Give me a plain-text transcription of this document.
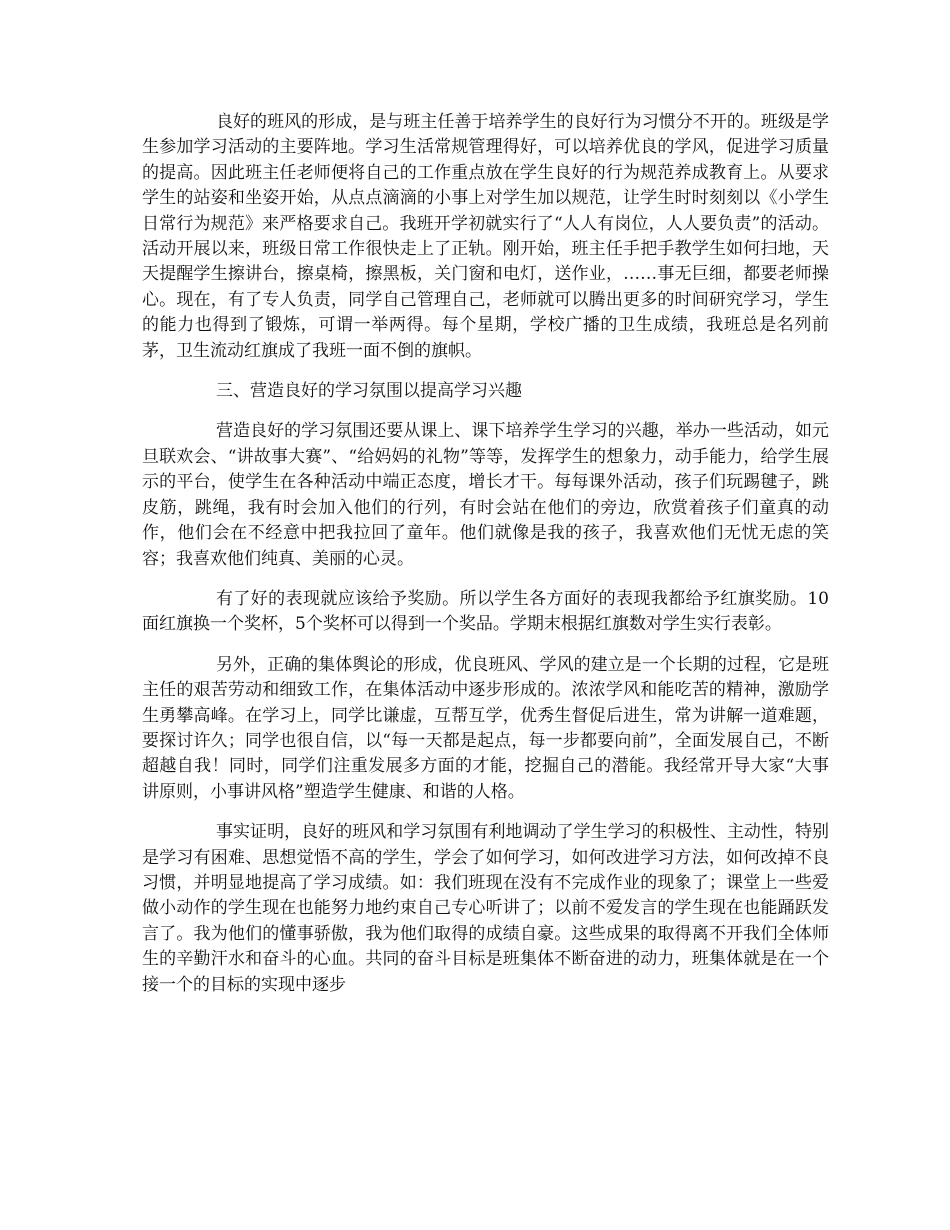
良好的班风的形成，是与班主任善于培养学生的良好行为习惯分不开的。班级是学生参加学习活动的主要阵地。学习生活常规管理得好，可以培养优良的学风，促进学习质量的提高。因此班主任老师便将自己的工作重点放在学生良好的行为规范养成教育上。从要求学生的站姿和坐姿开始，从点点滴滴的小事上对学生加以规范，让学生时时刻刻以《小学生日常行为规范》来严格要求自己。我班开学初就实行了“人人有岗位，人人要负责”的活动。活动开展以来，班级日常工作很快走上了正轨。刚开始，班主任手把手教学生如何扫地，天天提醒学生擦讲台，擦桌椅，擦黑板，关门窗和电灯，送作业，……事无巨细，都要老师操心。现在，有了专人负责，同学自己管理自己，老师就可以腾出更多的时间研究学习，学生的能力也得到了锻炼，可谓一举两得。每个星期，学校广播的卫生成绩，我班总是名列前茅，卫生流动红旗成了我班一面不倒的旗帜。

三、营造良好的学习氛围以提高学习兴趣

营造良好的学习氛围还要从课上、课下培养学生学习的兴趣，举办一些活动，如元旦联欢会、“讲故事大赛”、“给妈妈的礼物”等等，发挥学生的想象力，动手能力，给学生展示的平台，使学生在各种活动中端正态度，增长才干。每每课外活动，孩子们玩踢毽子，跳皮筋，跳绳，我有时会加入他们的行列，有时会站在他们的旁边，欣赏着孩子们童真的动作，他们会在不经意中把我拉回了童年。他们就像是我的孩子，我喜欢他们无忧无虑的笑容；我喜欢他们纯真、美丽的心灵。

有了好的表现就应该给予奖励。所以学生各方面好的表现我都给予红旗奖励。10面红旗换一个奖杯，5个奖杯可以得到一个奖品。学期末根据红旗数对学生实行表彰。

另外，正确的集体舆论的形成，优良班风、学风的建立是一个长期的过程，它是班主任的艰苦劳动和细致工作，在集体活动中逐步形成的。浓浓学风和能吃苦的精神，激励学生勇攀高峰。在学习上，同学比谦虚，互帮互学，优秀生督促后进生，常为讲解一道难题，要探讨许久；同学也很自信，以“每一天都是起点，每一步都要向前”，全面发展自己，不断超越自我！同时，同学们注重发展多方面的才能，挖掘自己的潜能。我经常开导大家“大事讲原则，小事讲风格”塑造学生健康、和谐的人格。

事实证明，良好的班风和学习氛围有利地调动了学生学习的积极性、主动性，特别是学习有困难、思想觉悟不高的学生，学会了如何学习，如何改进学习方法，如何改掉不良习惯，并明显地提高了学习成绩。如：我们班现在没有不完成作业的现象了；课堂上一些爱做小动作的学生现在也能努力地约束自己专心听讲了；以前不爱发言的学生现在也能踊跃发言了。我为他们的懂事骄傲，我为他们取得的成绩自豪。这些成果的取得离不开我们全体师生的辛勤汗水和奋斗的心血。共同的奋斗目标是班集体不断奋进的动力，班集体就是在一个接一个的目标的实现中逐步
